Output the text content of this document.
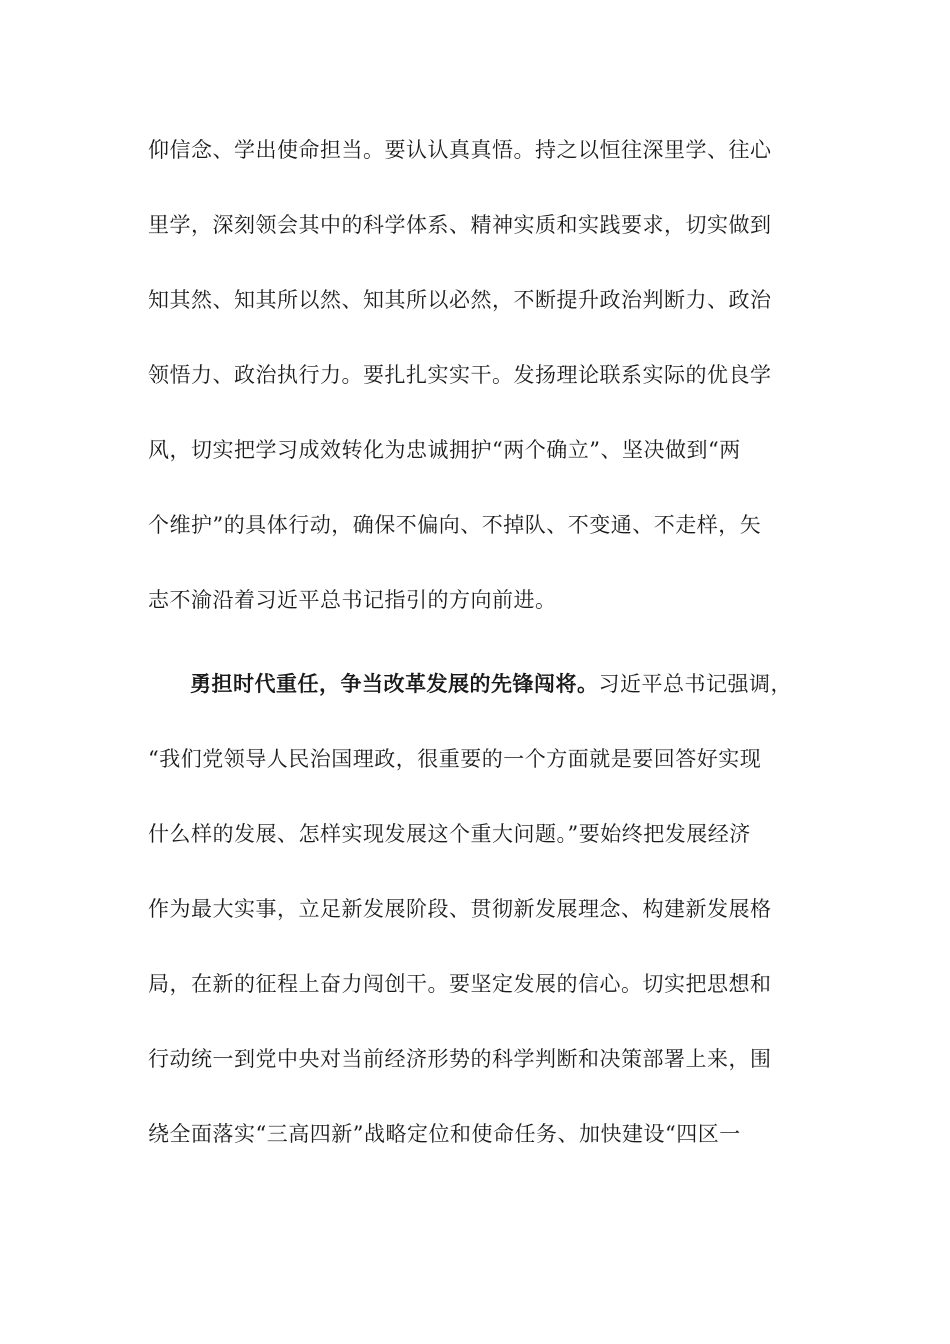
仰信念、学出使命担当。要认认真真悟。持之以恒往深里学、往心
里学，深刻领会其中的科学体系、精神实质和实践要求，切实做到
知其然、知其所以然、知其所以必然，不断提升政治判断力、政治
领悟力、政治执行力。要扎扎实实干。发扬理论联系实际的优良学
风，切实把学习成效转化为忠诚拥护“两个确立”、坚决做到“两
个维护”的具体行动，确保不偏向、不掉队、不变通、不走样，矢
志不渝沿着习近平总书记指引的方向前进。
勇担时代重任，争当改革发展的先锋闯将。习近平总书记强调，
“我们党领导人民治国理政，很重要的一个方面就是要回答好实现
什么样的发展、怎样实现发展这个重大问题。”要始终把发展经济
作为最大实事，立足新发展阶段、贯彻新发展理念、构建新发展格
局，在新的征程上奋力闯创干。要坚定发展的信心。切实把思想和
行动统一到党中央对当前经济形势的科学判断和决策部署上来，围
绕全面落实“三高四新”战略定位和使命任务、加快建设“四区一
